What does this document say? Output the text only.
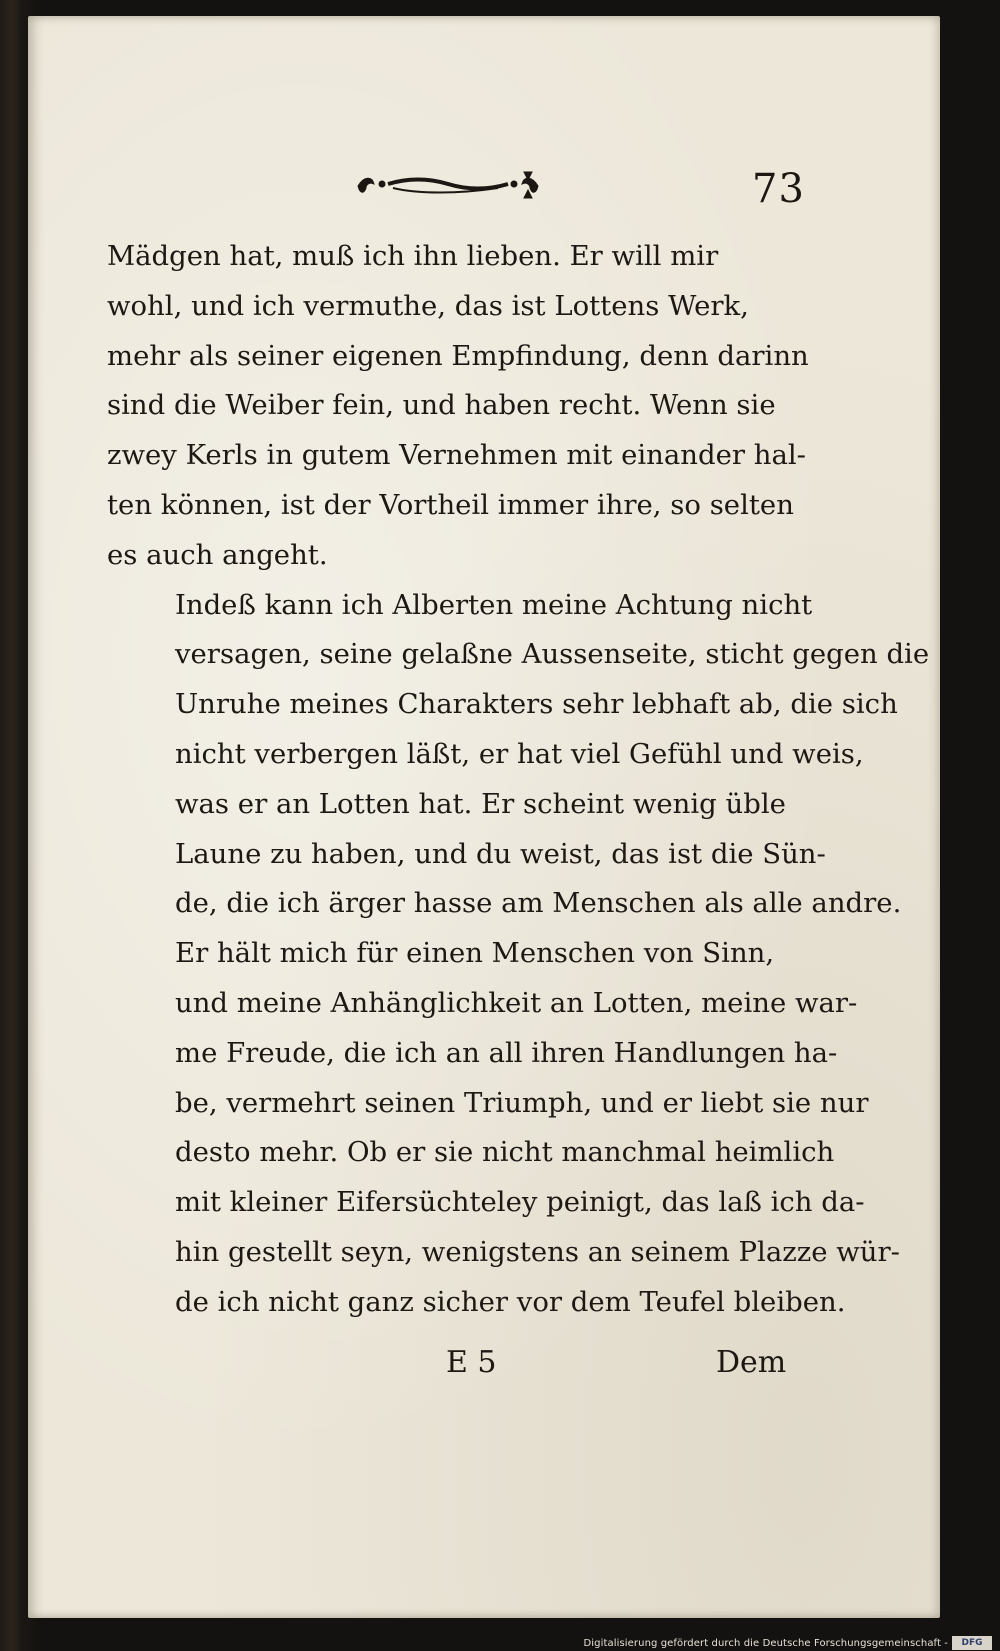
73

Mädgen hat, muß ich ihn lieben. Er will mir
wohl, und ich vermuthe, das ist Lottens Werk,
mehr als seiner eigenen Empfindung, denn darinn
sind die Weiber fein, und haben recht. Wenn sie
zwey Kerls in gutem Vernehmen mit einander hal-
ten können, ist der Vortheil immer ihre, so selten
es auch angeht.

Indeß kann ich Alberten meine Achtung nicht
versagen, seine gelaßne Aussenseite, sticht gegen die
Unruhe meines Charakters sehr lebhaft ab, die sich
nicht verbergen läßt, er hat viel Gefühl und weis,
was er an Lotten hat. Er scheint wenig üble
Laune zu haben, und du weist, das ist die Sün-
de, die ich ärger hasse am Menschen als alle andre.

Er hält mich für einen Menschen von Sinn,
und meine Anhänglichkeit an Lotten, meine war-
me Freude, die ich an all ihren Handlungen ha-
be, vermehrt seinen Triumph, und er liebt sie nur
desto mehr. Ob er sie nicht manchmal heimlich
mit kleiner Eifersüchteley peinigt, das laß ich da-
hin gestellt seyn, wenigstens an seinem Plazze wür-
de ich nicht ganz sicher vor dem Teufel bleiben.

E 5	Dem
Digitalisierung gefördert durch die Deutsche Forschungsgemeinschaft -	DFG
